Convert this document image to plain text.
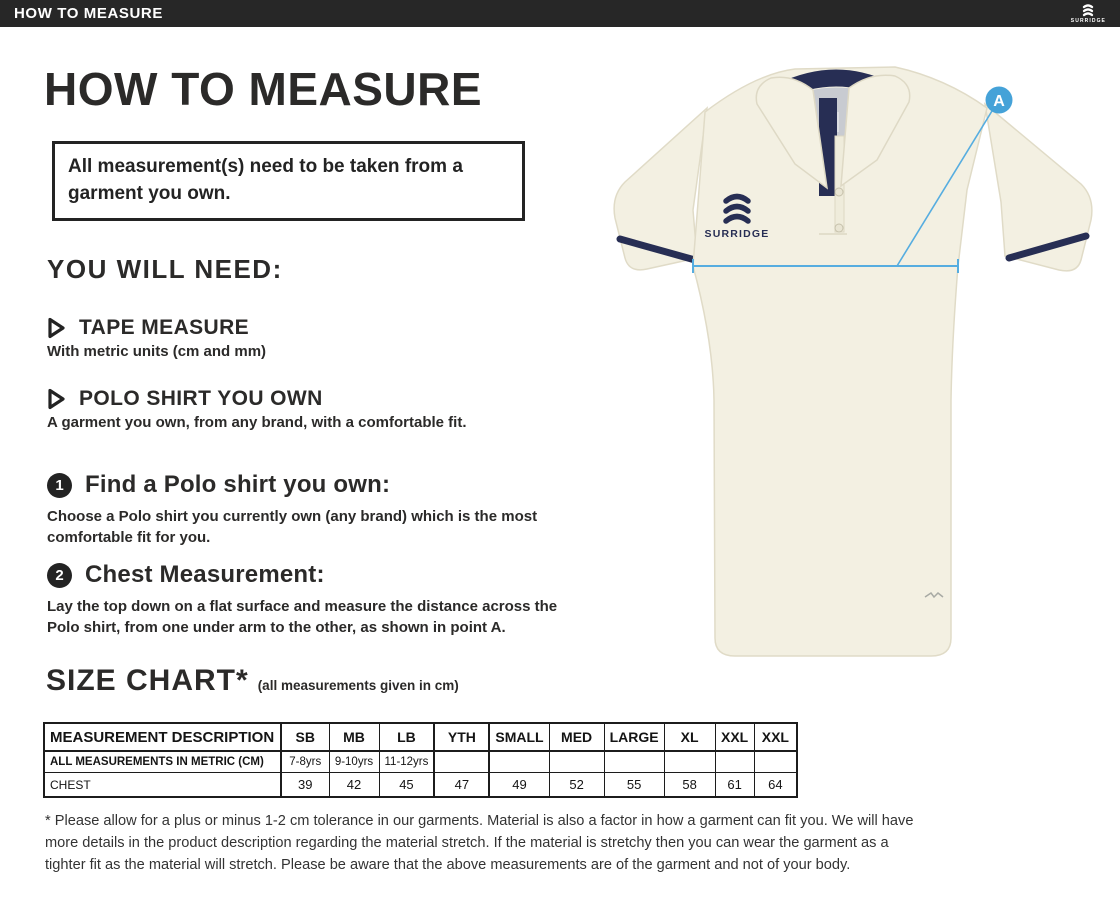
HOW TO MEASURE	SURRIDGE
HOW TO MEASURE
All measurement(s) need to be taken from a garment you own.
YOU WILL NEED:
TAPE MEASURE
With metric units (cm and mm)
POLO SHIRT YOU OWN
A garment you own, from any brand, with a comfortable fit.
1 Find a Polo shirt you own:
Choose a Polo shirt you currently own (any brand) which is the most comfortable fit for you.
2 Chest Measurement:
Lay the top down on a flat surface and measure the distance across the Polo shirt, from one under arm to the other, as shown in point A.
SIZE CHART* (all measurements given in cm)
MEASUREMENT DESCRIPTION	SB	MB	LB	YTH	SMALL	MED	LARGE	XL	XXL	XXL
ALL MEASUREMENTS IN METRIC (CM)	7-8yrs	9-10yrs	11-12yrs							
CHEST	39	42	45	47	49	52	55	58	61	64
* Please allow for a plus or minus 1-2 cm tolerance in our garments. Material is also a factor in how a garment can fit you. We will have
more details in the product description regarding the material stretch. If the material is stretchy then you can wear the garment as a
tighter fit as the material will stretch. Please be aware that the above measurements are of the garment and not of your body.
SURRIDGE
A
